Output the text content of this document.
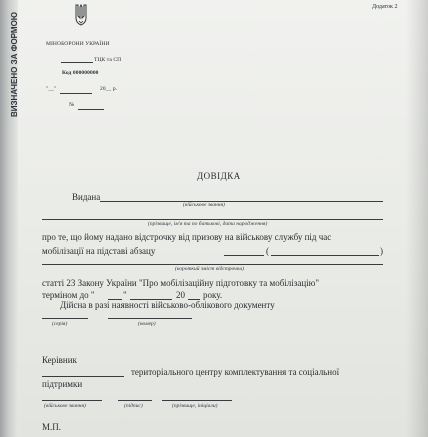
ВИЗНАЧЕНО ЗА ФОРМОЮ
Додаток 2
МІНОБОРОНИ УКРАЇНИ
ТЦК та СП
Код 000000000
"__"	20__ р.
№
ДОВІДКА
Видана
(військове звання)
(прізвище, ім'я та по батькові, дата народження)
про те, що йому надано відстрочку від призову на військову службу під час
мобілізації на підставі абзацу	(	)
(короткий зміст відстрочки)
статті 23 Закону України "Про мобілізаційну підготовку та мобілізацію"
терміном до "	"	20 року.
Дійсна в разі наявності військово-облікового документу
(серія)	(номер)
Керівник
територіального центру комплектування та соціальної
підтримки
(військове звання)	(підпис)	(прізвище, ініціали)
М.П.
